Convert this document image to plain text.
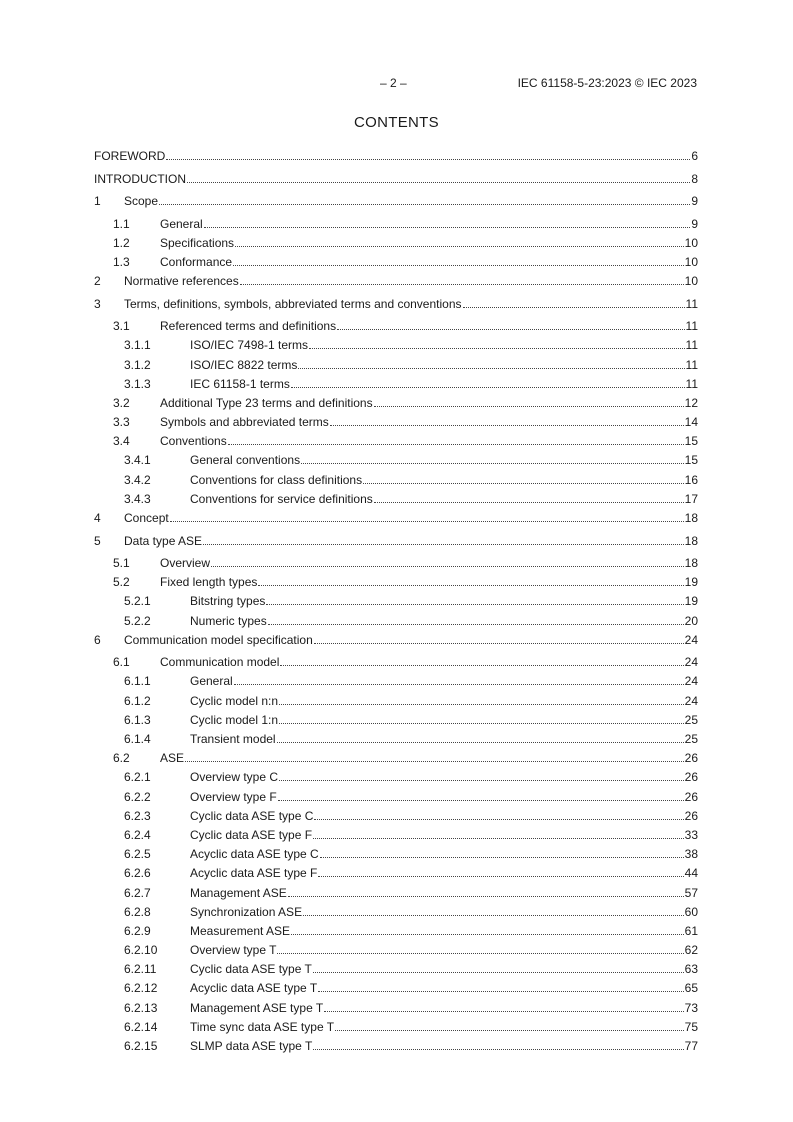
– 2 –	IEC 61158-5-23:2023 © IEC 2023
CONTENTS
FOREWORD	6
INTRODUCTION	8
1 Scope	9
1.1	General	9
1.2	Specifications	10
1.3	Conformance	10
2 Normative references	10
3 Terms, definitions, symbols, abbreviated terms and conventions	11
3.1	Referenced terms and definitions	11
3.1.1	ISO/IEC 7498-1 terms	11
3.1.2	ISO/IEC 8822 terms	11
3.1.3	IEC 61158-1 terms	11
3.2	Additional Type 23 terms and definitions	12
3.3	Symbols and abbreviated terms	14
3.4	Conventions	15
3.4.1	General conventions	15
3.4.2	Conventions for class definitions	16
3.4.3	Conventions for service definitions	17
4 Concept	18
5 Data type ASE	18
5.1	Overview	18
5.2	Fixed length types	19
5.2.1	Bitstring types	19
5.2.2	Numeric types	20
6 Communication model specification	24
6.1	Communication model	24
6.1.1	General	24
6.1.2	Cyclic model n:n	24
6.1.3	Cyclic model 1:n	25
6.1.4	Transient model	25
6.2	ASE	26
6.2.1	Overview type C	26
6.2.2	Overview type F	26
6.2.3	Cyclic data ASE type C	26
6.2.4	Cyclic data ASE type F	33
6.2.5	Acyclic data ASE type C	38
6.2.6	Acyclic data ASE type F	44
6.2.7	Management ASE	57
6.2.8	Synchronization ASE	60
6.2.9	Measurement ASE	61
6.2.10	Overview type T	62
6.2.11	Cyclic data ASE type T	63
6.2.12	Acyclic data ASE type T	65
6.2.13	Management ASE type T	73
6.2.14	Time sync data ASE type T	75
6.2.15	SLMP data ASE type T	77
